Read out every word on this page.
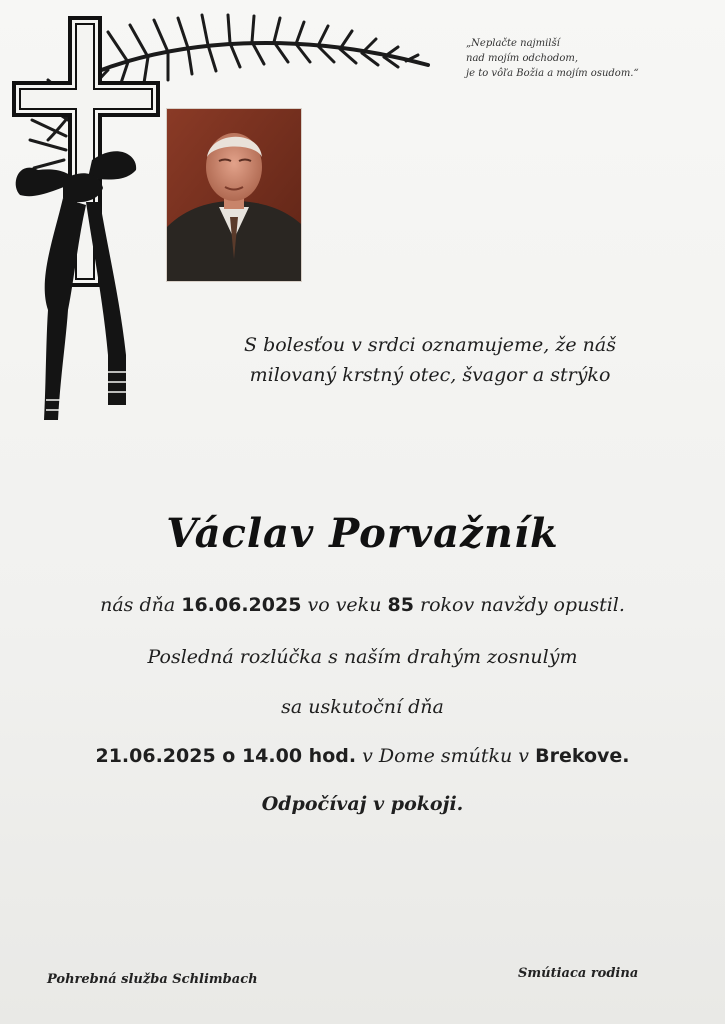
„Neplačte najmilší
nad mojím odchodom,
je to vôľa Božia a mojím osudom.“
S bolesťou v srdci oznamujeme, že náš
milovaný krstný otec, švagor a strýko
Václav Porvažník
nás dňa 16.06.2025 vo veku 85 rokov navždy opustil.
Posledná rozlúčka s naším drahým zosnulým
sa uskutoční dňa
21.06.2025 o 14.00 hod. v Dome smútku v Brekove.
Odpočívaj v pokoji.
Pohrebná služba Schlimbach	Smútiaca rodina
